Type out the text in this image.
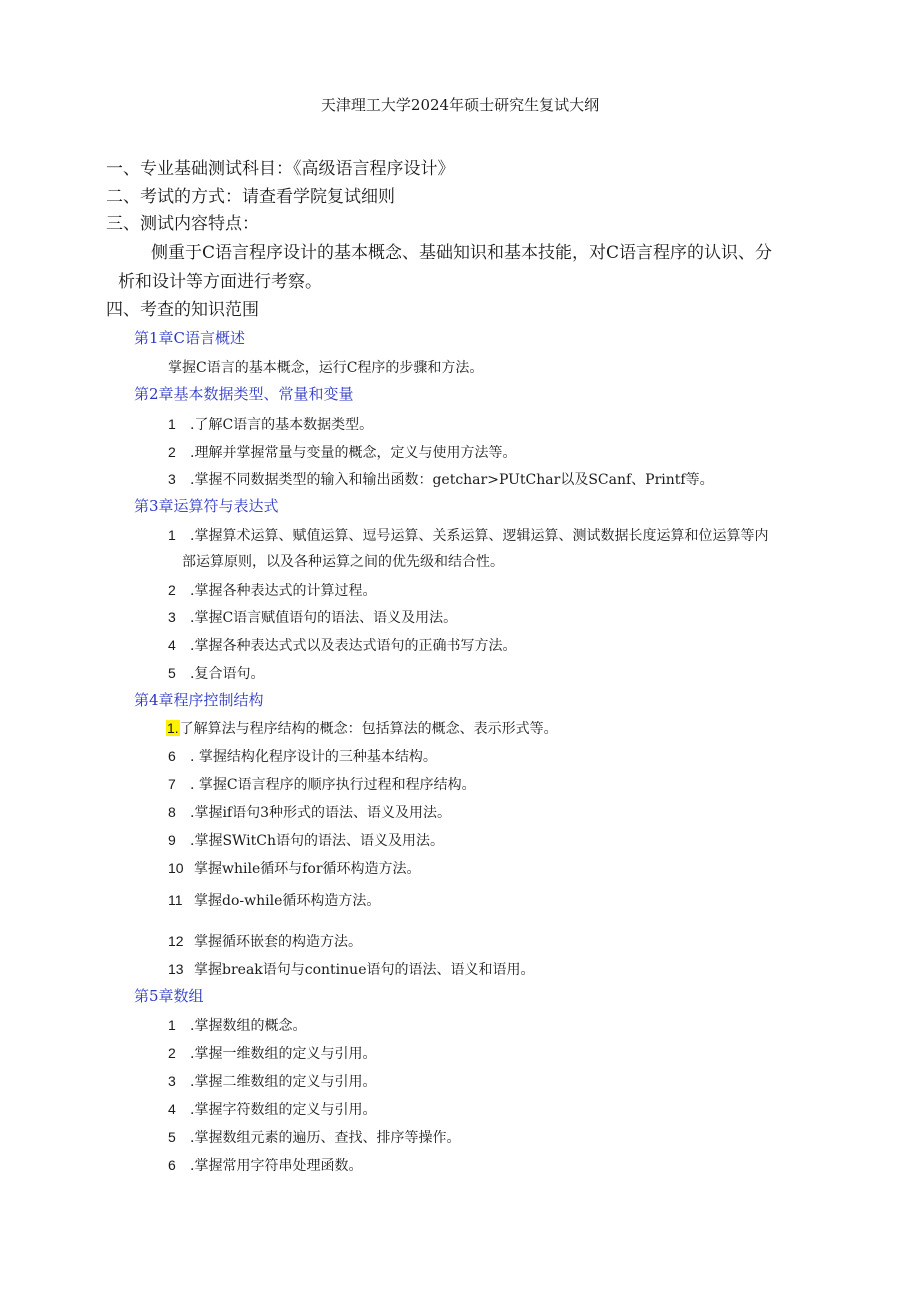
天津理工大学2024年硕士研究生复试大纲
一、专业基础测试科目：《高级语言程序设计》
二、考试的方式：请查看学院复试细则
三、测试内容特点：
侧重于C语言程序设计的基本概念、基础知识和基本技能，对C语言程序的认识、分
析和设计等方面进行考察。
四、考查的知识范围
第1章C语言概述
掌握C语言的基本概念，运行C程序的步骤和方法。
第2章基本数据类型、常量和变量
1 .了解C语言的基本数据类型。
2 .理解并掌握常量与变量的概念，定义与使用方法等。
3 .掌握不同数据类型的输入和输出函数：getchar>PUtChar以及SCanf、Printf等。
第3章运算符与表达式
1 .掌握算术运算、赋值运算、逗号运算、关系运算、逻辑运算、测试数据长度运算和位运算等内
部运算原则，以及各种运算之间的优先级和结合性。
2 .掌握各种表达式的计算过程。
3 .掌握C语言赋值语句的语法、语义及用法。
4 .掌握各种表达式式以及表达式语句的正确书写方法。
5 .复合语句。
第4章程序控制结构
1.了解算法与程序结构的概念：包括算法的概念、表示形式等。
6 . 掌握结构化程序设计的三种基本结构。
7 . 掌握C语言程序的顺序执行过程和程序结构。
8 .掌握if语句3种形式的语法、语义及用法。
9 .掌握SWitCh语句的语法、语义及用法。
10 掌握while循环与for循环构造方法。
11 掌握do-while循环构造方法。
12 掌握循环嵌套的构造方法。
13 掌握break语句与continue语句的语法、语义和语用。
第5章数组
1 .掌握数组的概念。
2 .掌握一维数组的定义与引用。
3 .掌握二维数组的定义与引用。
4 .掌握字符数组的定义与引用。
5 .掌握数组元素的遍历、查找、排序等操作。
6 .掌握常用字符串处理函数。
